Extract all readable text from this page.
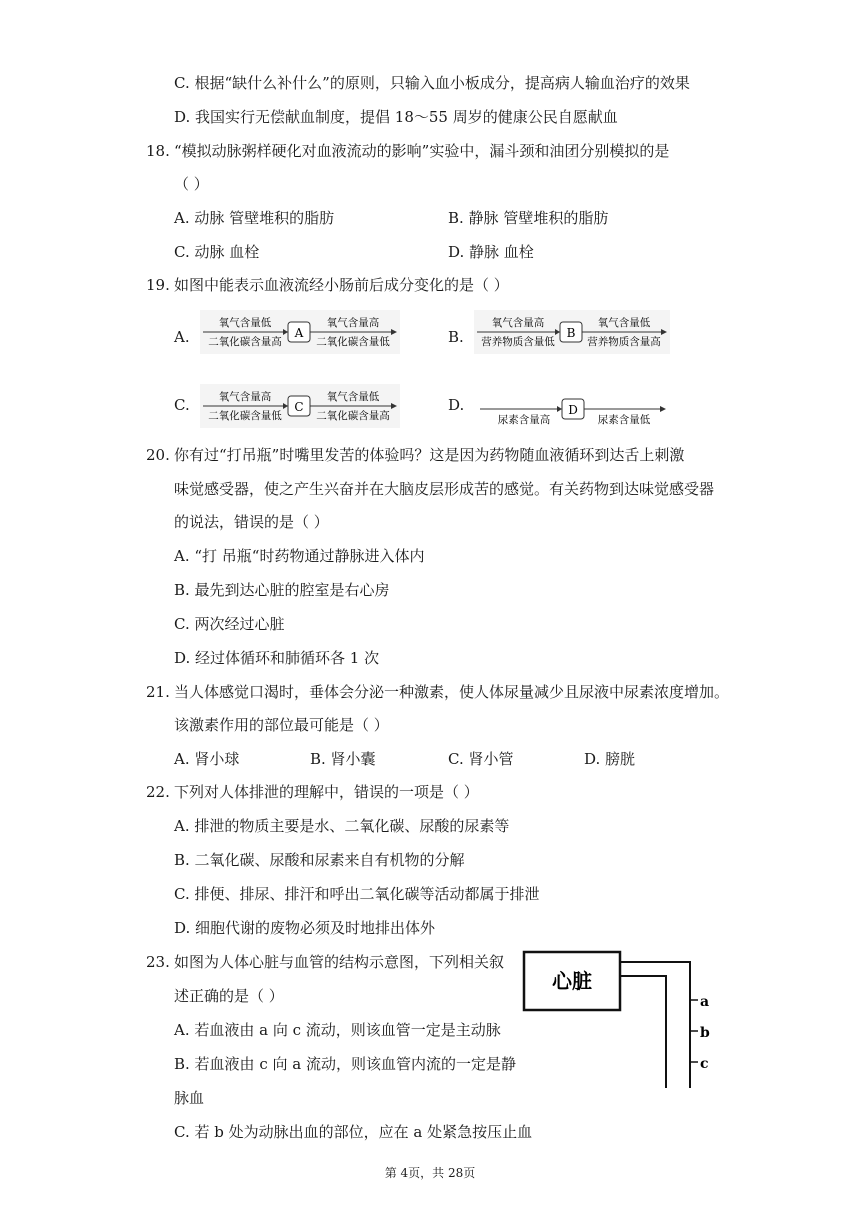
C. 根据“缺什么补什么”的原则，只输入血小板成分，提高病人输血治疗的效果
D. 我国实行无偿献血制度，提倡 18～55 周岁的健康公民自愿献血
18. “模拟动脉粥样硬化对血液流动的影响”实验中，漏斗颈和油团分别模拟的是
（ ）
A. 动脉 管壁堆积的脂肪	B. 静脉 管壁堆积的脂肪
C. 动脉 血栓	D. 静脉 血栓
19. 如图中能表示血液流经小肠前后成分变化的是（ ）
A.	A
氧气含量低
二氧化碳含量高
氧气含量高
二氧化碳含量低	B.	B
氧气含量高
营养物质含量低
氧气含量低
营养物质含量高
C.	C
氧气含量高
二氧化碳含量低
氧气含量低
二氧化碳含量高
D.	D
尿素含量高	尿素含量低
20. 你有过“打吊瓶”时嘴里发苦的体验吗？这是因为药物随血液循环到达舌上刺激
味觉感受器，使之产生兴奋并在大脑皮层形成苦的感觉。有关药物到达味觉感受器
的说法，错误的是（ ）
A. “打 吊瓶“时药物通过静脉进入体内
B. 最先到达心脏的腔室是右心房
C. 两次经过心脏
D. 经过体循环和肺循环各 1 次
21. 当人体感觉口渴时，垂体会分泌一种激素，使人体尿量减少且尿液中尿素浓度增加。
该激素作用的部位最可能是（ ）
A. 肾小球	B. 肾小囊	C. 肾小管	D. 膀胱
22. 下列对人体排泄的理解中，错误的一项是（ ）
A. 排泄的物质主要是水、二氧化碳、尿酸的尿素等
B. 二氧化碳、尿酸和尿素来自有机物的分解
C. 排便、排尿、排汗和呼出二氧化碳等活动都属于排泄
D. 细胞代谢的废物必须及时地排出体外
23. 如图为人体心脏与血管的结构示意图，下列相关叙
述正确的是（ ）
A. 若血液由 a 向 c 流动，则该血管一定是主动脉
B. 若血液由 c 向 a 流动，则该血管内流的一定是静
脉血
C. 若 b 处为动脉出血的部位，应在 a 处紧急按压止血
心脏
a
b
c
第 4页，共 28页
